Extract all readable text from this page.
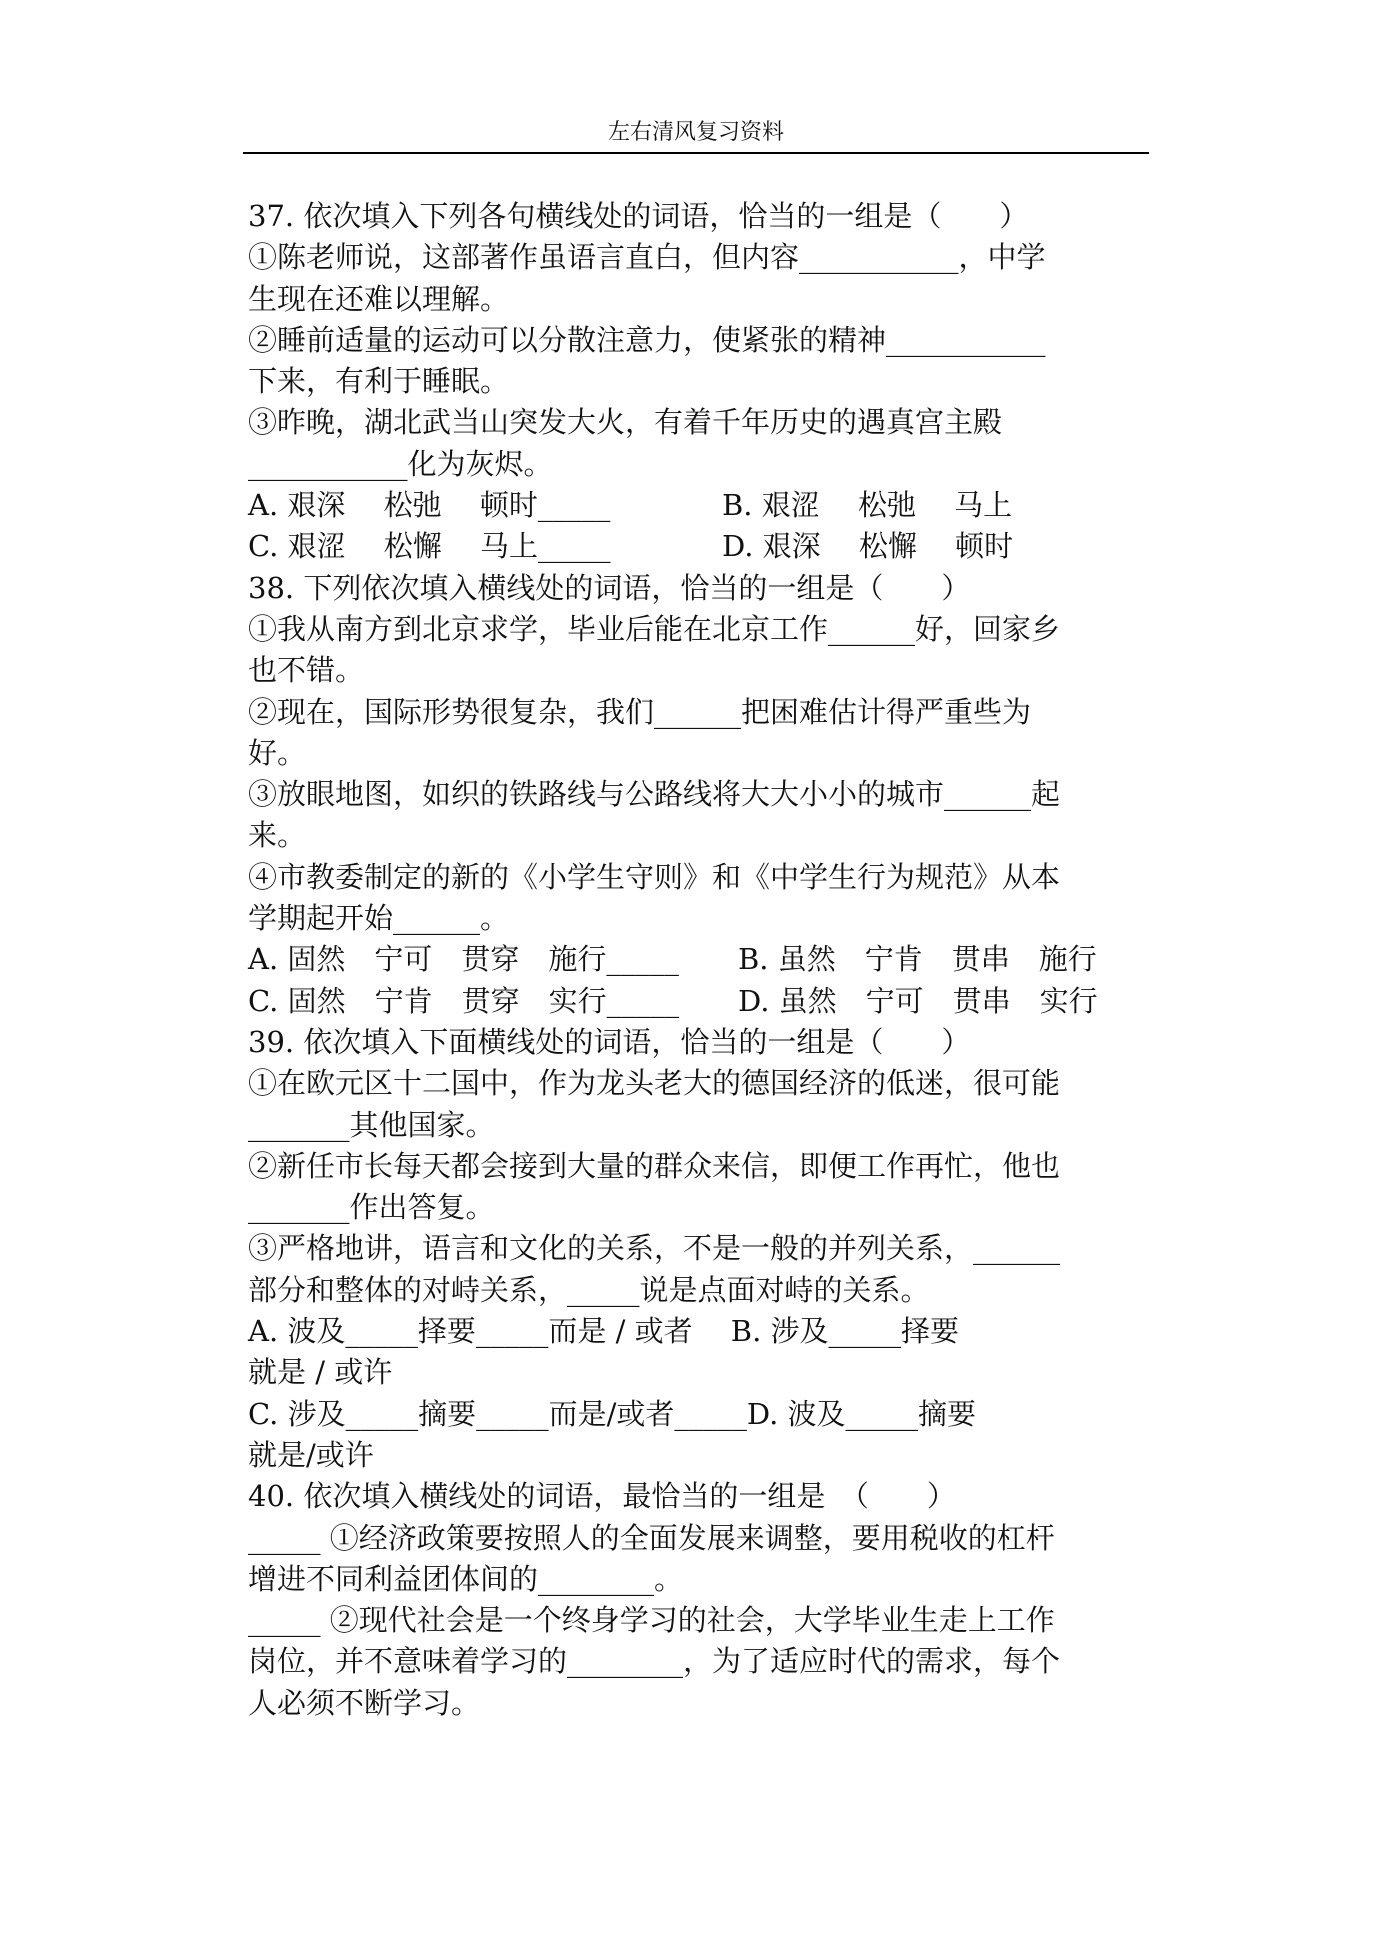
左右清风复习资料
37. 依次填入下列各句横线处的词语，恰当的一组是（　　）
①陈老师说，这部著作虽语言直白，但内容___________，中学
生现在还难以理解。
②睡前适量的运动可以分散注意力，使紧张的精神___________
下来，有利于睡眠。
③昨晚，湖北武当山突发大火，有着千年历史的遇真宫主殿
___________化为灰烬。
A. 艰深　 松弛　 顿时_____	B. 艰涩　 松弛　 马上
C. 艰涩　 松懈　 马上_____	D. 艰深　 松懈　 顿时
38. 下列依次填入横线处的词语，恰当的一组是（　　）
①我从南方到北京求学，毕业后能在北京工作______好，回家乡
也不错。
②现在，国际形势很复杂，我们______把困难估计得严重些为
好。
③放眼地图，如织的铁路线与公路线将大大小小的城市______起
来。
④市教委制定的新的《小学生守则》和《中学生行为规范》从本
学期起开始______。
A. 固然　宁可　贯穿　施行_____ B. 虽然　宁肯　贯串　施行
C. 固然　宁肯　贯穿　实行_____ D. 虽然　宁可　贯串　实行
39. 依次填入下面横线处的词语，恰当的一组是（　　）
①在欧元区十二国中，作为龙头老大的德国经济的低迷，很可能
_______其他国家。
②新任市长每天都会接到大量的群众来信，即便工作再忙，他也
_______作出答复。
③严格地讲，语言和文化的关系，不是一般的并列关系，______
部分和整体的对峙关系，_____说是点面对峙的关系。
A. 波及_____择要_____而是 / 或者　 B. 涉及_____择要
就是 / 或许
C. 涉及_____摘要_____而是/或者_____D. 波及_____摘要
就是/或许
40. 依次填入横线处的词语，最恰当的一组是　（　　）
_____ ①经济政策要按照人的全面发展来调整，要用税收的杠杆
增进不同利益团体间的________。
_____ ②现代社会是一个终身学习的社会，大学毕业生走上工作
岗位，并不意味着学习的________，为了适应时代的需求，每个
人必须不断学习。
